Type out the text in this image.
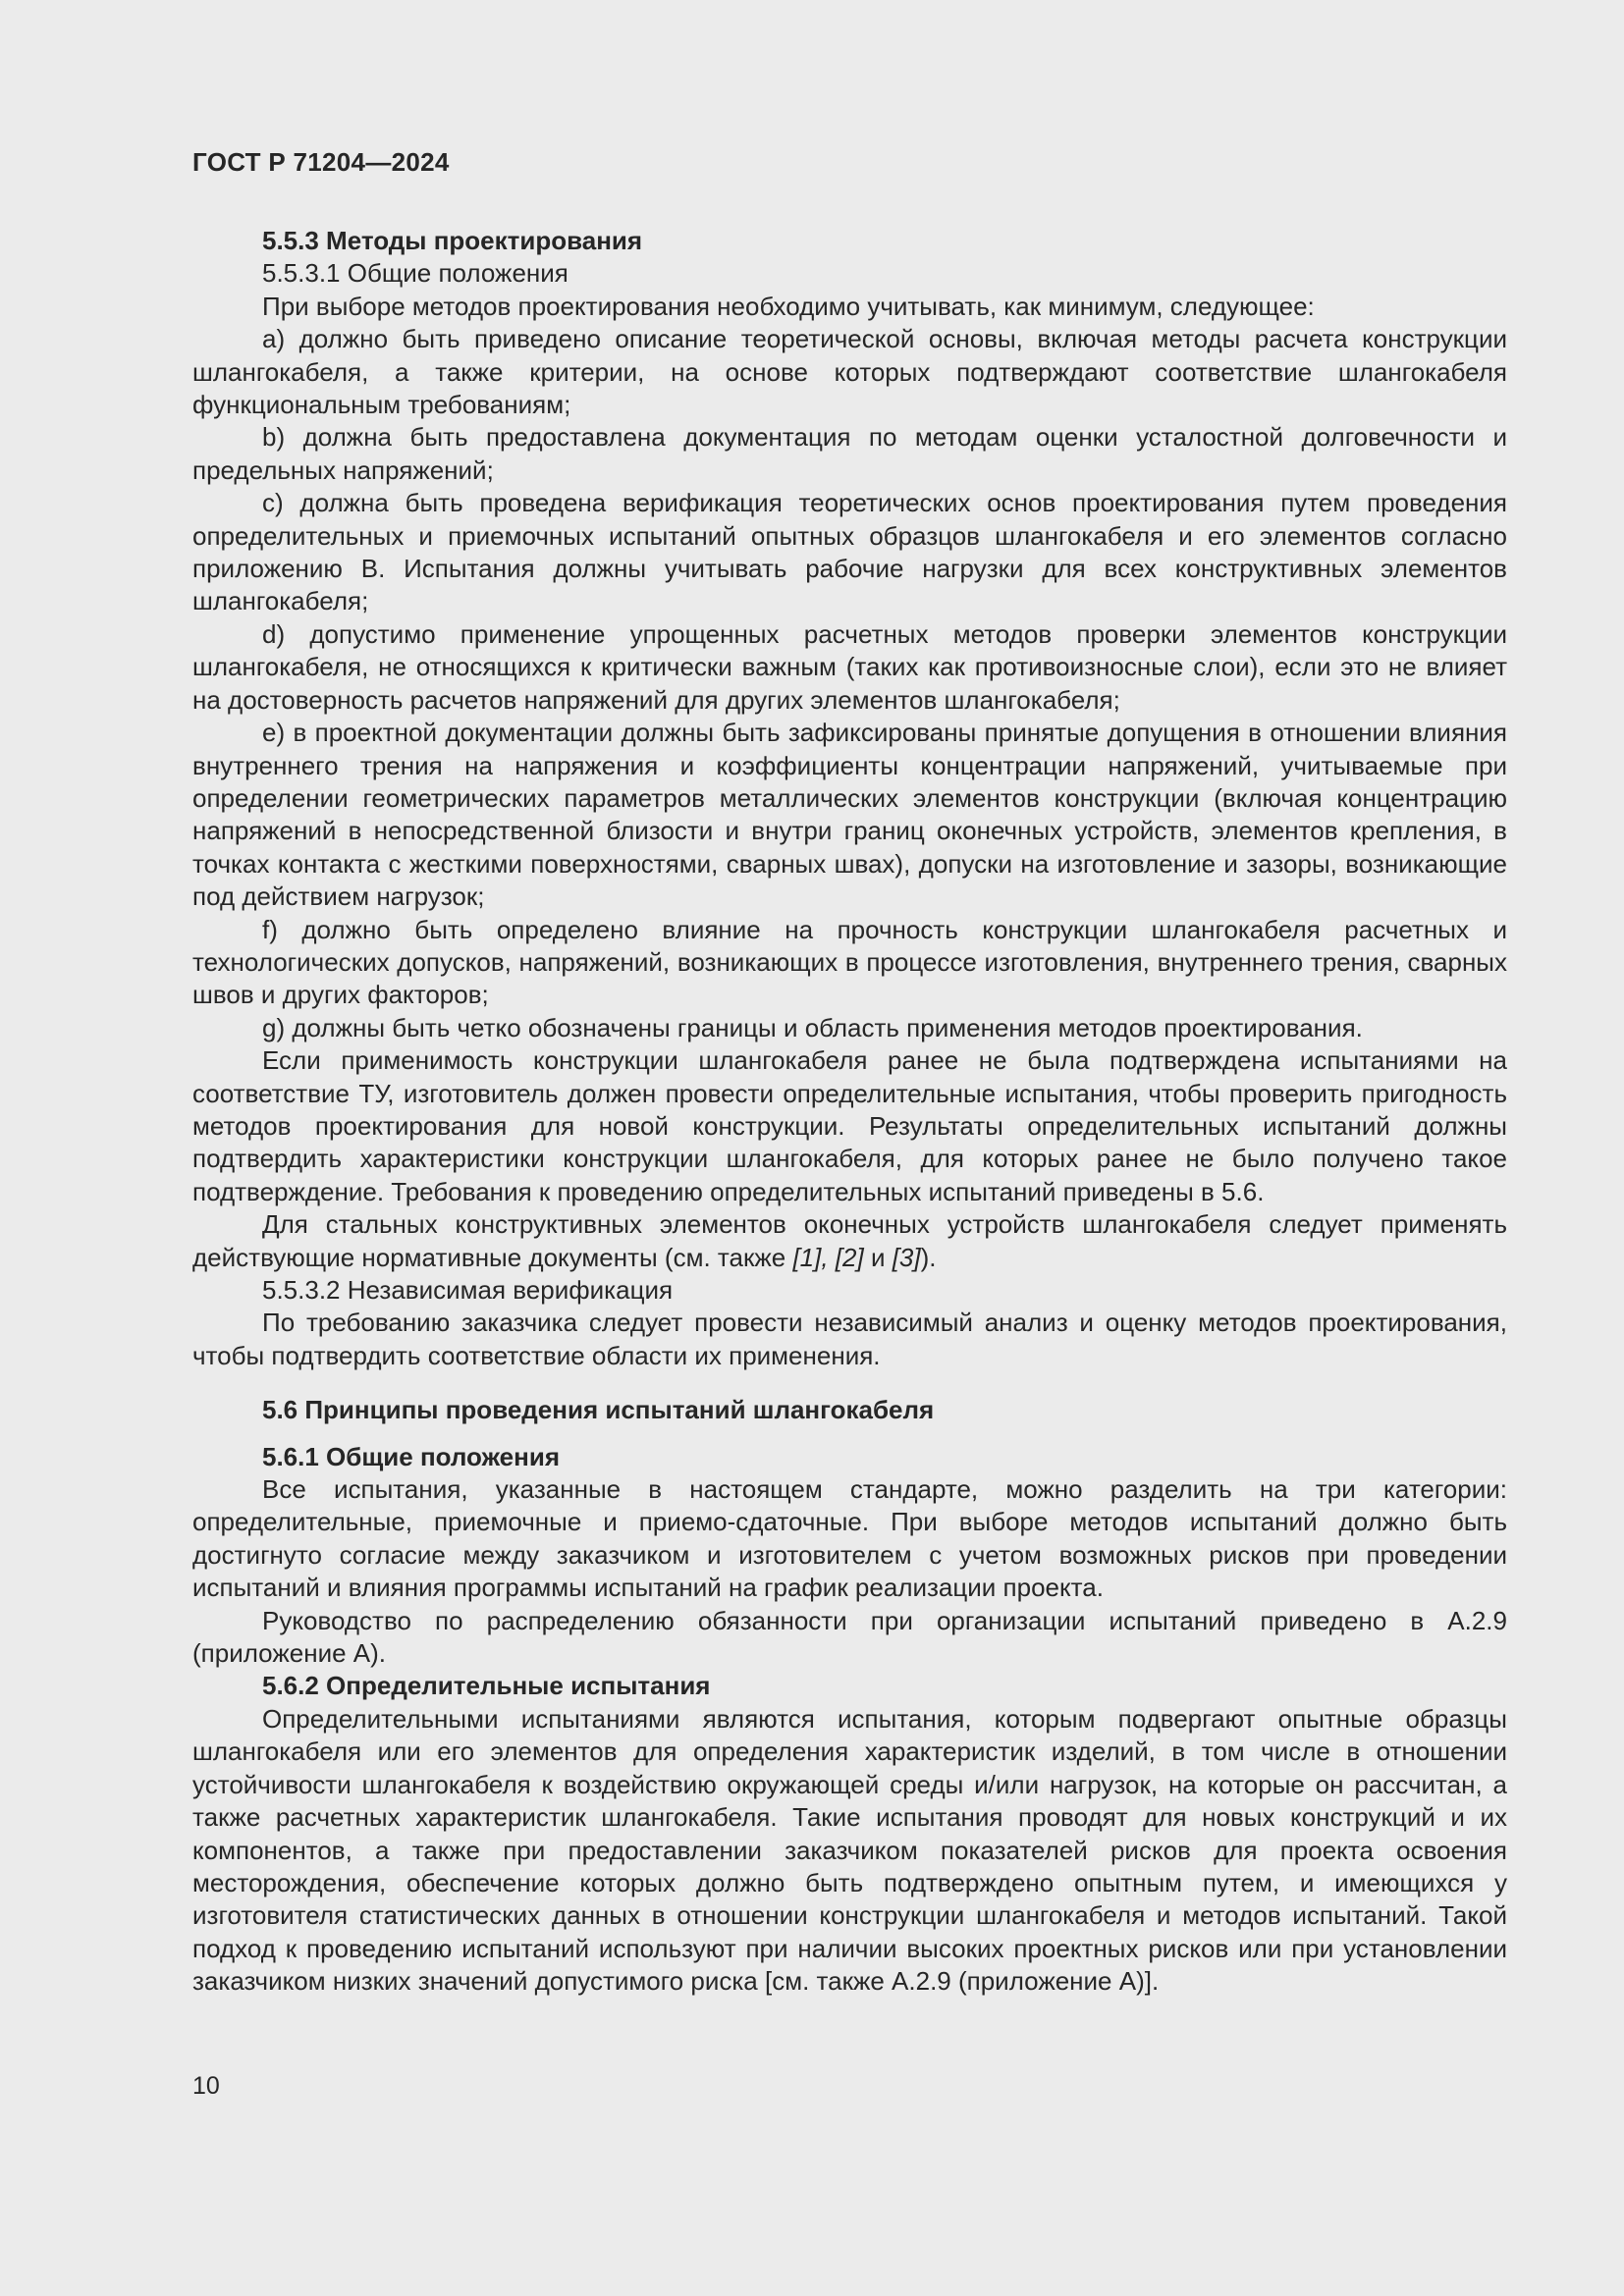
ГОСТ Р 71204—2024

5.5.3 Методы проектирования

5.5.3.1 Общие положения

При выборе методов проектирования необходимо учитывать, как минимум, следующее:

a) должно быть приведено описание теоретической основы, включая методы расчета конструкции шлангокабеля, а также критерии, на основе которых подтверждают соответствие шлангокабеля функциональным требованиям;

b) должна быть предоставлена документация по методам оценки усталостной долговечности и предельных напряжений;

c) должна быть проведена верификация теоретических основ проектирования путем проведения определительных и приемочных испытаний опытных образцов шлангокабеля и его элементов согласно приложению B. Испытания должны учитывать рабочие нагрузки для всех конструктивных элементов шлангокабеля;

d) допустимо применение упрощенных расчетных методов проверки элементов конструкции шлангокабеля, не относящихся к критически важным (таких как противоизносные слои), если это не влияет на достоверность расчетов напряжений для других элементов шлангокабеля;

e) в проектной документации должны быть зафиксированы принятые допущения в отношении влияния внутреннего трения на напряжения и коэффициенты концентрации напряжений, учитываемые при определении геометрических параметров металлических элементов конструкции (включая концентрацию напряжений в непосредственной близости и внутри границ оконечных устройств, элементов крепления, в точках контакта с жесткими поверхностями, сварных швах), допуски на изготовление и зазоры, возникающие под действием нагрузок;

f) должно быть определено влияние на прочность конструкции шлангокабеля расчетных и технологических допусков, напряжений, возникающих в процессе изготовления, внутреннего трения, сварных швов и других факторов;

g) должны быть четко обозначены границы и область применения методов проектирования.

Если применимость конструкции шлангокабеля ранее не была подтверждена испытаниями на соответствие ТУ, изготовитель должен провести определительные испытания, чтобы проверить пригодность методов проектирования для новой конструкции. Результаты определительных испытаний должны подтвердить характеристики конструкции шлангокабеля, для которых ранее не было получено такое подтверждение. Требования к проведению определительных испытаний приведены в 5.6.

Для стальных конструктивных элементов оконечных устройств шлангокабеля следует применять действующие нормативные документы (см. также [1], [2] и [3]).

5.5.3.2 Независимая верификация

По требованию заказчика следует провести независимый анализ и оценку методов проектирования, чтобы подтвердить соответствие области их применения.

5.6 Принципы проведения испытаний шлангокабеля

5.6.1 Общие положения

Все испытания, указанные в настоящем стандарте, можно разделить на три категории: определительные, приемочные и приемо-сдаточные. При выборе методов испытаний должно быть достигнуто согласие между заказчиком и изготовителем с учетом возможных рисков при проведении испытаний и влияния программы испытаний на график реализации проекта.

Руководство по распределению обязанности при организации испытаний приведено в А.2.9 (приложение А).

5.6.2 Определительные испытания

Определительными испытаниями являются испытания, которым подвергают опытные образцы шлангокабеля или его элементов для определения характеристик изделий, в том числе в отношении устойчивости шлангокабеля к воздействию окружающей среды и/или нагрузок, на которые он рассчитан, а также расчетных характеристик шлангокабеля. Такие испытания проводят для новых конструкций и их компонентов, а также при предоставлении заказчиком показателей рисков для проекта освоения месторождения, обеспечение которых должно быть подтверждено опытным путем, и имеющихся у изготовителя статистических данных в отношении конструкции шлангокабеля и методов испытаний. Такой подход к проведению испытаний используют при наличии высоких проектных рисков или при установлении заказчиком низких значений допустимого риска [см. также А.2.9 (приложение А)].

10
